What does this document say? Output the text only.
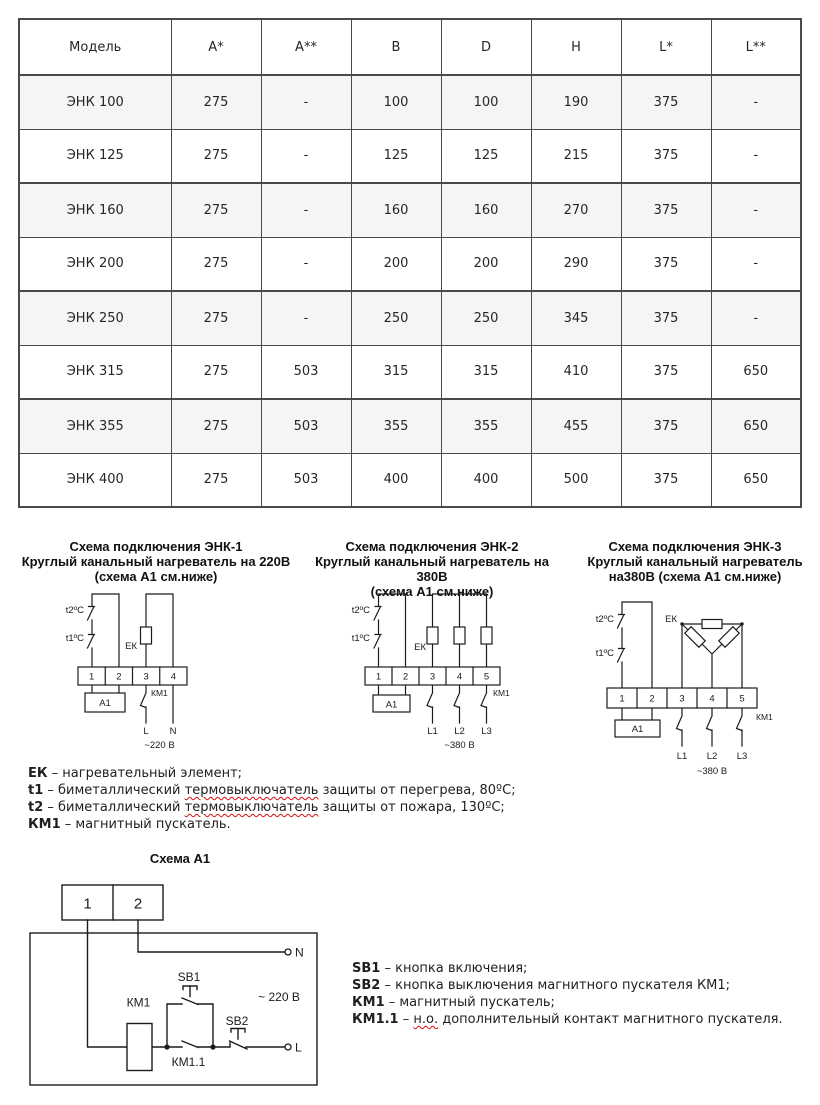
Модель	A*	A**	B	D	H	L*	L**
ЭНК 100	275	-	100	100	190	375	-
ЭНК 125	275	-	125	125	215	375	-
ЭНК 160	275	-	160	160	270	375	-
ЭНК 200	275	-	200	200	290	375	-
ЭНК 250	275	-	250	250	345	375	-
ЭНК 315	275	503	315	315	410	375	650
ЭНК 355	275	503	355	355	455	375	650
ЭНК 400	275	503	400	400	500	375	650
Схема подключения ЭНК-1
Круглый канальный нагреватель на 220В
(схема А1 см.ниже)
Схема подключения ЭНК-2
Круглый канальный нагреватель на 380В
(схема А1 см.ниже)
Схема подключения ЭНК-3
Круглый канальный нагреватель
на380В (схема А1 см.ниже)
t2ºC
t1ºC
ЕК
1 2 3 4
А1
КМ1
L N
~220 В
t2ºC
t1ºC
ЕК
1 2 3 4 5
А1
КМ1
L1 L2 L3
~380 В
t2ºC
t1ºC
ЕК
1	2	3	4	5
А1
КМ1
L1 L2 L3
~380 В
ЕК – нагревательный элемент;
t1 – биметаллический термовыключатель защиты от перегрева, 80ºС;
t2 – биметаллический термовыключатель защиты от пожара, 130ºС;
КМ1 – магнитный пускатель.
Схема А1
1	2
N
L
КМ1
КМ1.1
SB1
SB2
~ 220 В
SB1 – кнопка включения;
SB2 – кнопка выключения магнитного пускателя КМ1;
КМ1 – магнитный пускатель;
КМ1.1 – н.о. дополнительный контакт магнитного пускателя.
